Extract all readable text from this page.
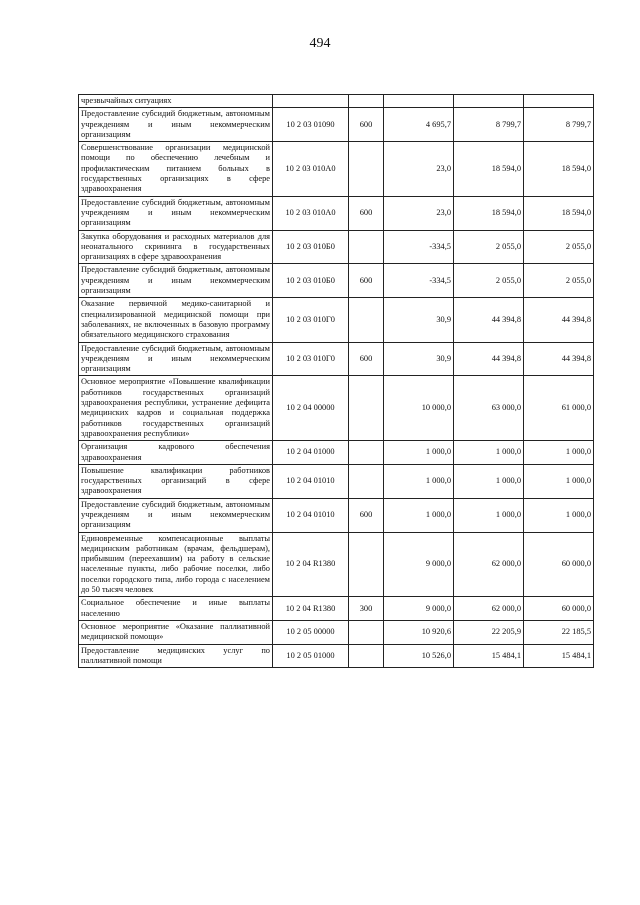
494
чрезвычайных ситуациях					
Предоставление субсидий бюджетным, автономным учреждениям и иным некоммерческим организациям	10 2 03 01090	600	4 695,7	8 799,7	8 799,7
Совершенствование организации медицинской помощи по обеспечению лечебным и профилактическим питанием больных в государственных организациях в сфере здравоохранения	10 2 03 010А0		23,0	18 594,0	18 594,0
Предоставление субсидий бюджетным, автономным учреждениям и иным некоммерческим организациям	10 2 03 010А0	600	23,0	18 594,0	18 594,0
Закупка оборудования и расходных материалов для неонатального скрининга в государственных организациях в сфере здравоохранения	10 2 03 010Б0		-334,5	2 055,0	2 055,0
Предоставление субсидий бюджетным, автономным учреждениям и иным некоммерческим организациям	10 2 03 010Б0	600	-334,5	2 055,0	2 055,0
Оказание первичной медико-санитарной и специализированной медицинской помощи при заболеваниях, не включенных в базовую программу обязательного медицинского страхования	10 2 03 010Г0		30,9	44 394,8	44 394,8
Предоставление субсидий бюджетным, автономным учреждениям и иным некоммерческим организациям	10 2 03 010Г0	600	30,9	44 394,8	44 394,8
Основное мероприятие «Повышение квалификации работников государственных организаций здравоохранения республики, устранение дефицита медицинских кадров и социальная поддержка работников государственных организаций здравоохранения республики»	10 2 04 00000		10 000,0	63 000,0	61 000,0
Организация кадрового обеспечения здравоохранения	10 2 04 01000		1 000,0	1 000,0	1 000,0
Повышение квалификации работников государственных организаций в сфере здравоохранения	10 2 04 01010		1 000,0	1 000,0	1 000,0
Предоставление субсидий бюджетным, автономным учреждениям и иным некоммерческим организациям	10 2 04 01010	600	1 000,0	1 000,0	1 000,0
Единовременные компенсационные выплаты медицинским работникам (врачам, фельдшерам), прибывшим (переехавшим) на работу в сельские населенные пункты, либо рабочие поселки, либо поселки городского типа, либо города с населением до 50 тысяч человек	10 2 04 R1380		9 000,0	62 000,0	60 000,0
Социальное обеспечение и иные выплаты населению	10 2 04 R1380	300	9 000,0	62 000,0	60 000,0
Основное мероприятие «Оказание паллиативной медицинской помощи»	10 2 05 00000		10 920,6	22 205,9	22 185,5
Предоставление медицинских услуг по паллиативной помощи	10 2 05 01000		10 526,0	15 484,1	15 484,1
